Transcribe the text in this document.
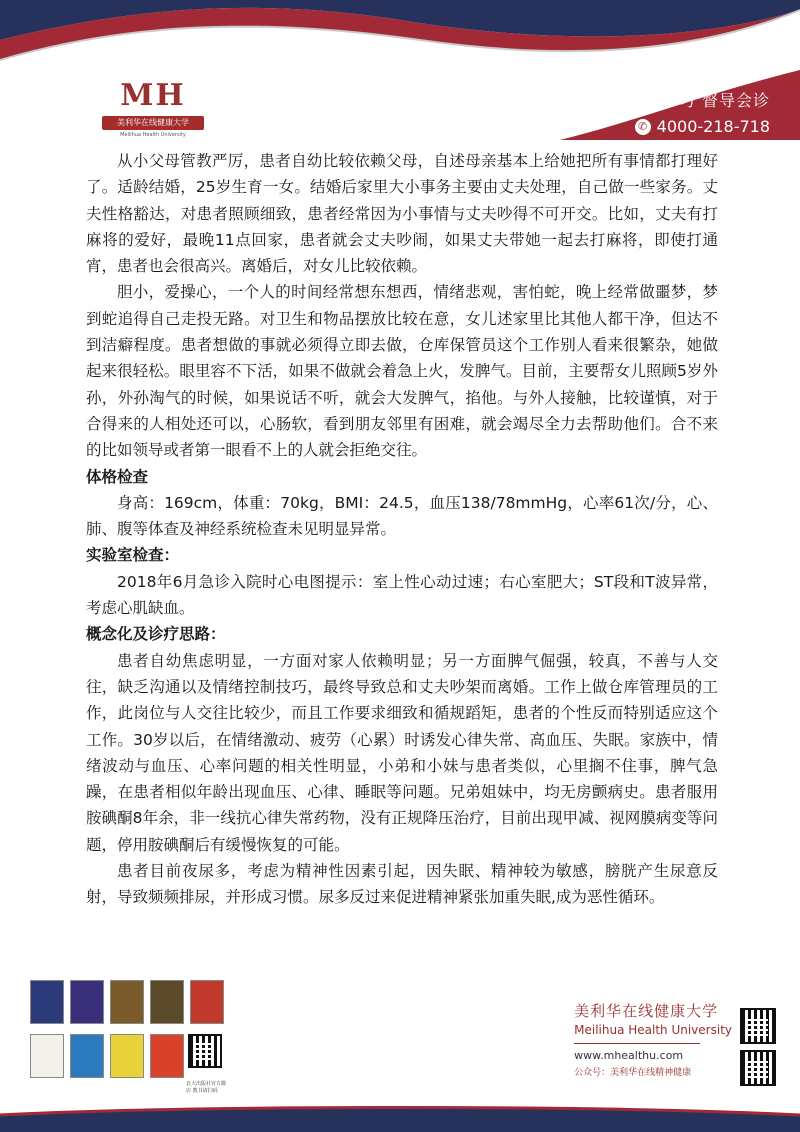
MH
美利华在线健康大学
Meilihua Health University
报名学习 督导会诊
✆ 4000-218-718

从小父母管教严厉，患者自幼比较依赖父母，自述母亲基本上给她把所有事情都打理好了。适龄结婚，25岁生育一女。结婚后家里大小事务主要由丈夫处理，自己做一些家务。丈夫性格豁达，对患者照顾细致，患者经常因为小事情与丈夫吵得不可开交。比如，丈夫有打麻将的爱好，最晚11点回家，患者就会丈夫吵闹，如果丈夫带她一起去打麻将，即使打通宵，患者也会很高兴。离婚后，对女儿比较依赖。

胆小，爱操心，一个人的时间经常想东想西，情绪悲观，害怕蛇，晚上经常做噩梦，梦到蛇追得自己走投无路。对卫生和物品摆放比较在意，女儿述家里比其他人都干净，但达不到洁癖程度。患者想做的事就必须得立即去做，仓库保管员这个工作别人看来很繁杂，她做起来很轻松。眼里容不下活，如果不做就会着急上火，发脾气。目前，主要帮女儿照顾5岁外孙，外孙淘气的时候，如果说话不听，就会大发脾气，掐他。与外人接触，比较谨慎，对于合得来的人相处还可以，心肠软，看到朋友邻里有困难，就会竭尽全力去帮助他们。合不来的比如领导或者第一眼看不上的人就会拒绝交往。

体格检查

身高：169cm，体重：70kg，BMI：24.5，血压138/78mmHg，心率61次/分，心、肺、腹等体查及神经系统检查未见明显异常。

实验室检查：

2018年6月急诊入院时心电图提示：室上性心动过速；右心室肥大；ST段和T波异常，考虑心肌缺血。

概念化及诊疗思路：

患者自幼焦虑明显，一方面对家人依赖明显；另一方面脾气倔强，较真，不善与人交往，缺乏沟通以及情绪控制技巧，最终导致总和丈夫吵架而离婚。工作上做仓库管理员的工作，此岗位与人交往比较少，而且工作要求细致和循规蹈矩，患者的个性反而特别适应这个工作。30岁以后，在情绪激动、疲劳（心累）时诱发心律失常、高血压、失眠。家族中，情绪波动与血压、心率问题的相关性明显，小弟和小妹与患者类似，心里搁不住事，脾气急躁，在患者相似年龄出现血压、心律、睡眠等问题。兄弟姐妹中，均无房颤病史。患者服用胺碘酮8年余，非一线抗心律失常药物，没有正规降压治疗，目前出现甲减、视网膜病变等问题，停用胺碘酮后有缓慢恢复的可能。

患者目前夜尿多，考虑为精神性因素引起，因失眠、精神较为敏感，膀胱产生尿意反射，导致频频排尿，并形成习惯。尿多反过来促进精神紧张加重失眠,成为恶性循环。

北大出版社官方微店 教书请扫码
美利华在线健康大学
Meilihua Health University
www.mhealthu.com
公众号：美利华在线精神健康
